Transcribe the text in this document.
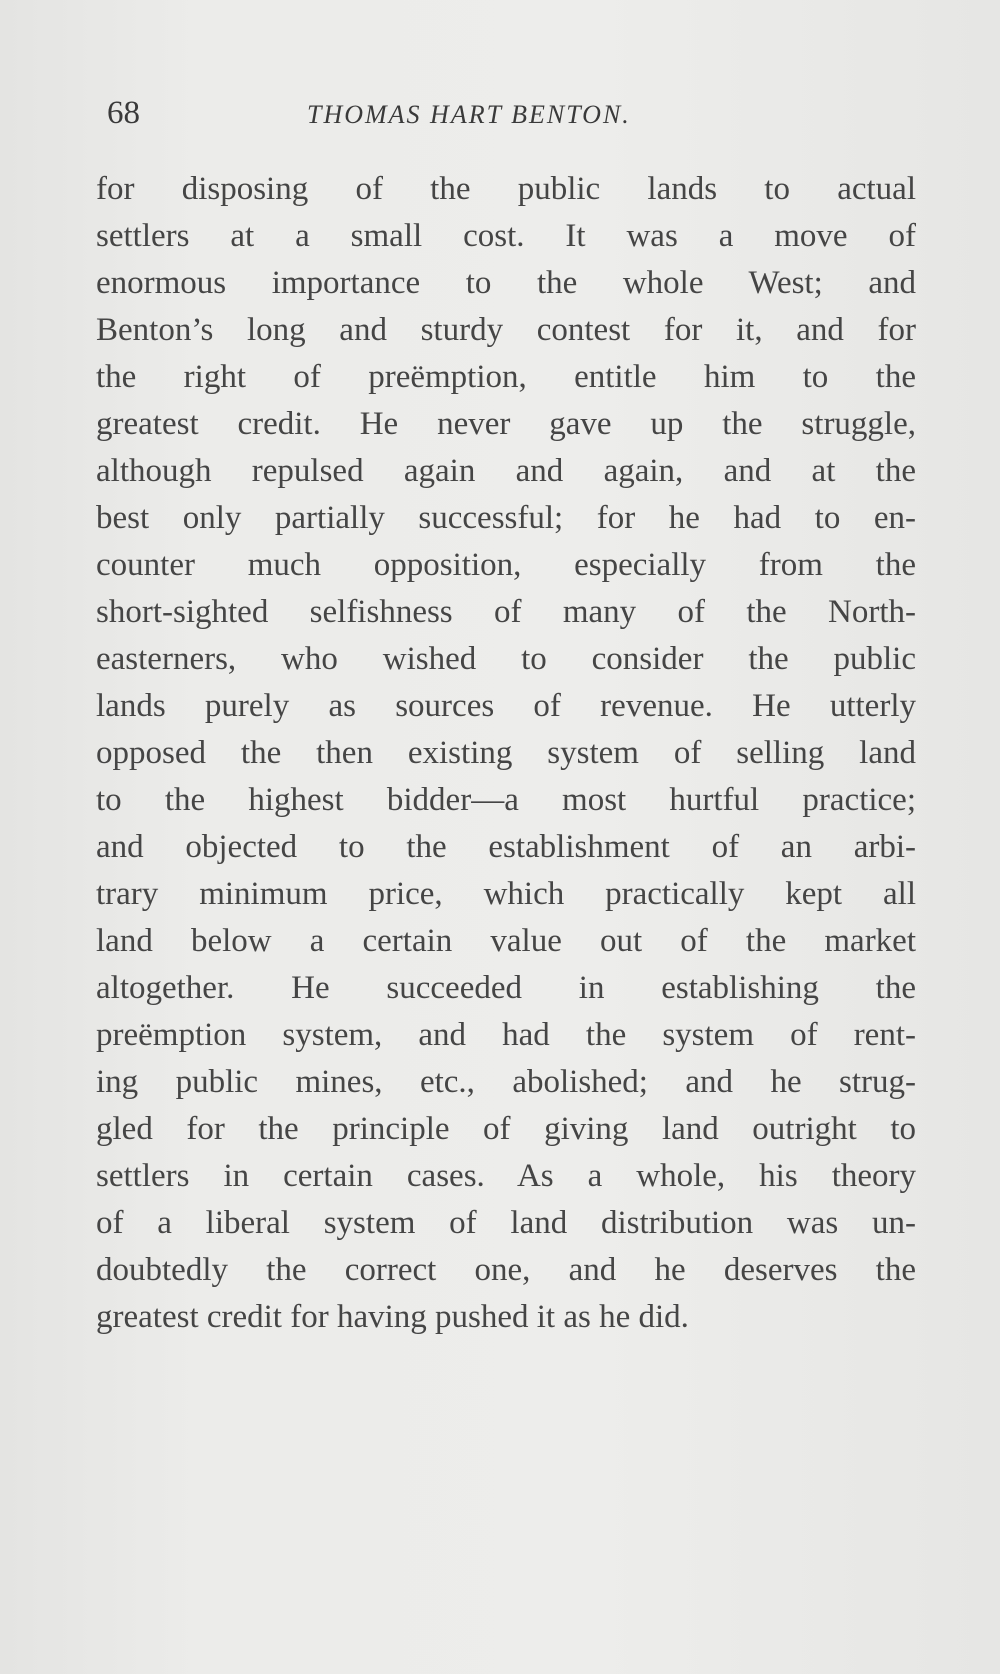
68	THOMAS HART BENTON.
for disposing of the public lands to actual
settlers at a small cost. It was a move of
enormous importance to the whole West; and
Benton’s long and sturdy contest for it, and for
the right of preëmption, entitle him to the
greatest credit. He never gave up the struggle,
although repulsed again and again, and at the
best only partially successful; for he had to en-
counter much opposition, especially from the
short-sighted selfishness of many of the North-
easterners, who wished to consider the public
lands purely as sources of revenue. He utterly
opposed the then existing system of selling land
to the highest bidder—a most hurtful practice;
and objected to the establishment of an arbi-
trary minimum price, which practically kept all
land below a certain value out of the market
altogether. He succeeded in establishing the
preëmption system, and had the system of rent-
ing public mines, etc., abolished; and he strug-
gled for the principle of giving land outright to
settlers in certain cases. As a whole, his theory
of a liberal system of land distribution was un-
doubtedly the correct one, and he deserves the
greatest credit for having pushed it as he did.
